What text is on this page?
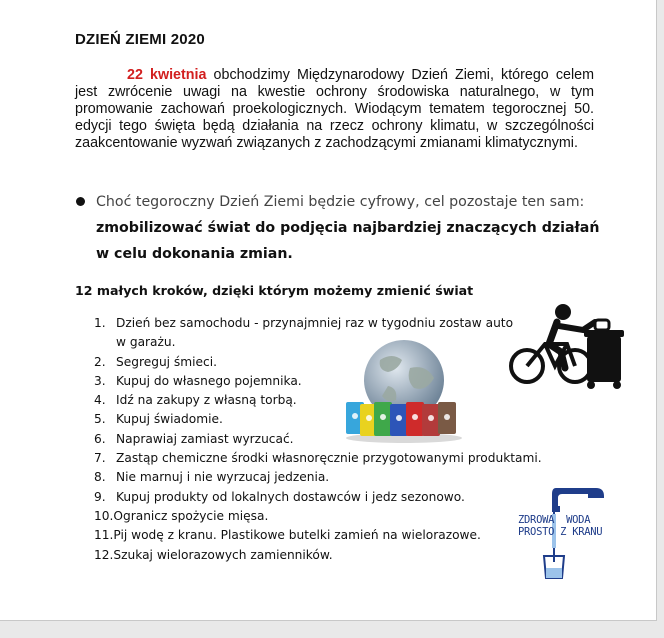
DZIEŃ ZIEMI 2020

22 kwietnia obchodzimy Międzynarodowy Dzień Ziemi, którego celem jest zwrócenie uwagi na kwestie ochrony środowiska naturalnego, w tym promowanie zachowań proekologicznych. Wiodącym tematem tegorocznej 50. edycji tego święta będą działania na rzecz ochrony klimatu, w szczególności zaakcentowanie wyzwań związanych z zachodzącymi zmianami klimatycznymi.

Choć tegoroczny Dzień Ziemi będzie cyfrowy, cel pozostaje ten sam: zmobilizować świat do podjęcia najbardziej znaczących działań w celu dokonania zmian.
12 małych kroków, dzięki którym możemy zmienić świat
1. Dzień bez samochodu - przynajmniej raz w tygodniu zostaw auto
w garażu.
2. Segreguj śmieci.
3. Kupuj do własnego pojemnika.
4. Idź na zakupy z własną torbą.
5. Kupuj świadomie.
6. Naprawiaj zamiast wyrzucać.
7. Zastąp chemiczne środki własnoręcznie przygotowanymi produktami.
8. Nie marnuj i nie wyrzucaj jedzenia.
9. Kupuj produkty od lokalnych dostawców i jedz sezonowo.
10.Ogranicz spożycie mięsa.
11.Pij wodę z kranu. Plastikowe butelki zamień na wielorazowe.
12.Szukaj wielorazowych zamienników.
ZDROWA WODA
PROSTO Z KRANU
